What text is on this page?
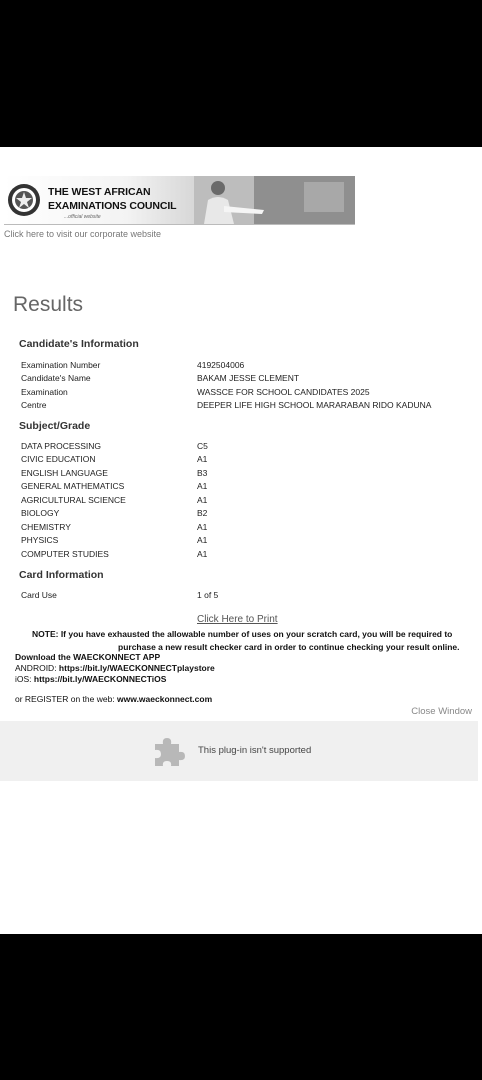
THE WEST AFRICAN
EXAMINATIONS COUNCIL
...official website
Click here to visit our corporate website
Results
Candidate's Information
Examination Number	4192504006
Candidate's Name	BAKAM JESSE CLEMENT
Examination	WASSCE FOR SCHOOL CANDIDATES 2025
Centre	DEEPER LIFE HIGH SCHOOL MARARABAN RIDO KADUNA
Subject/Grade
DATA PROCESSING	C5
CIVIC EDUCATION	A1
ENGLISH LANGUAGE	B3
GENERAL MATHEMATICS	A1
AGRICULTURAL SCIENCE	A1
BIOLOGY	B2
CHEMISTRY	A1
PHYSICS	A1
COMPUTER STUDIES	A1
Card Information
Card Use	1 of 5
Click Here to Print
NOTE: If you have exhausted the allowable number of uses on your scratch card, you will be required to
purchase a new result checker card in order to continue checking your result online.
Download the WAECKONNECT APP
ANDROID: https://bit.ly/WAECKONNECTplaystore
iOS: https://bit.ly/WAECKONNECTiOS
or REGISTER on the web: www.waeckonnect.com
Close Window
This plug-in isn't supported
